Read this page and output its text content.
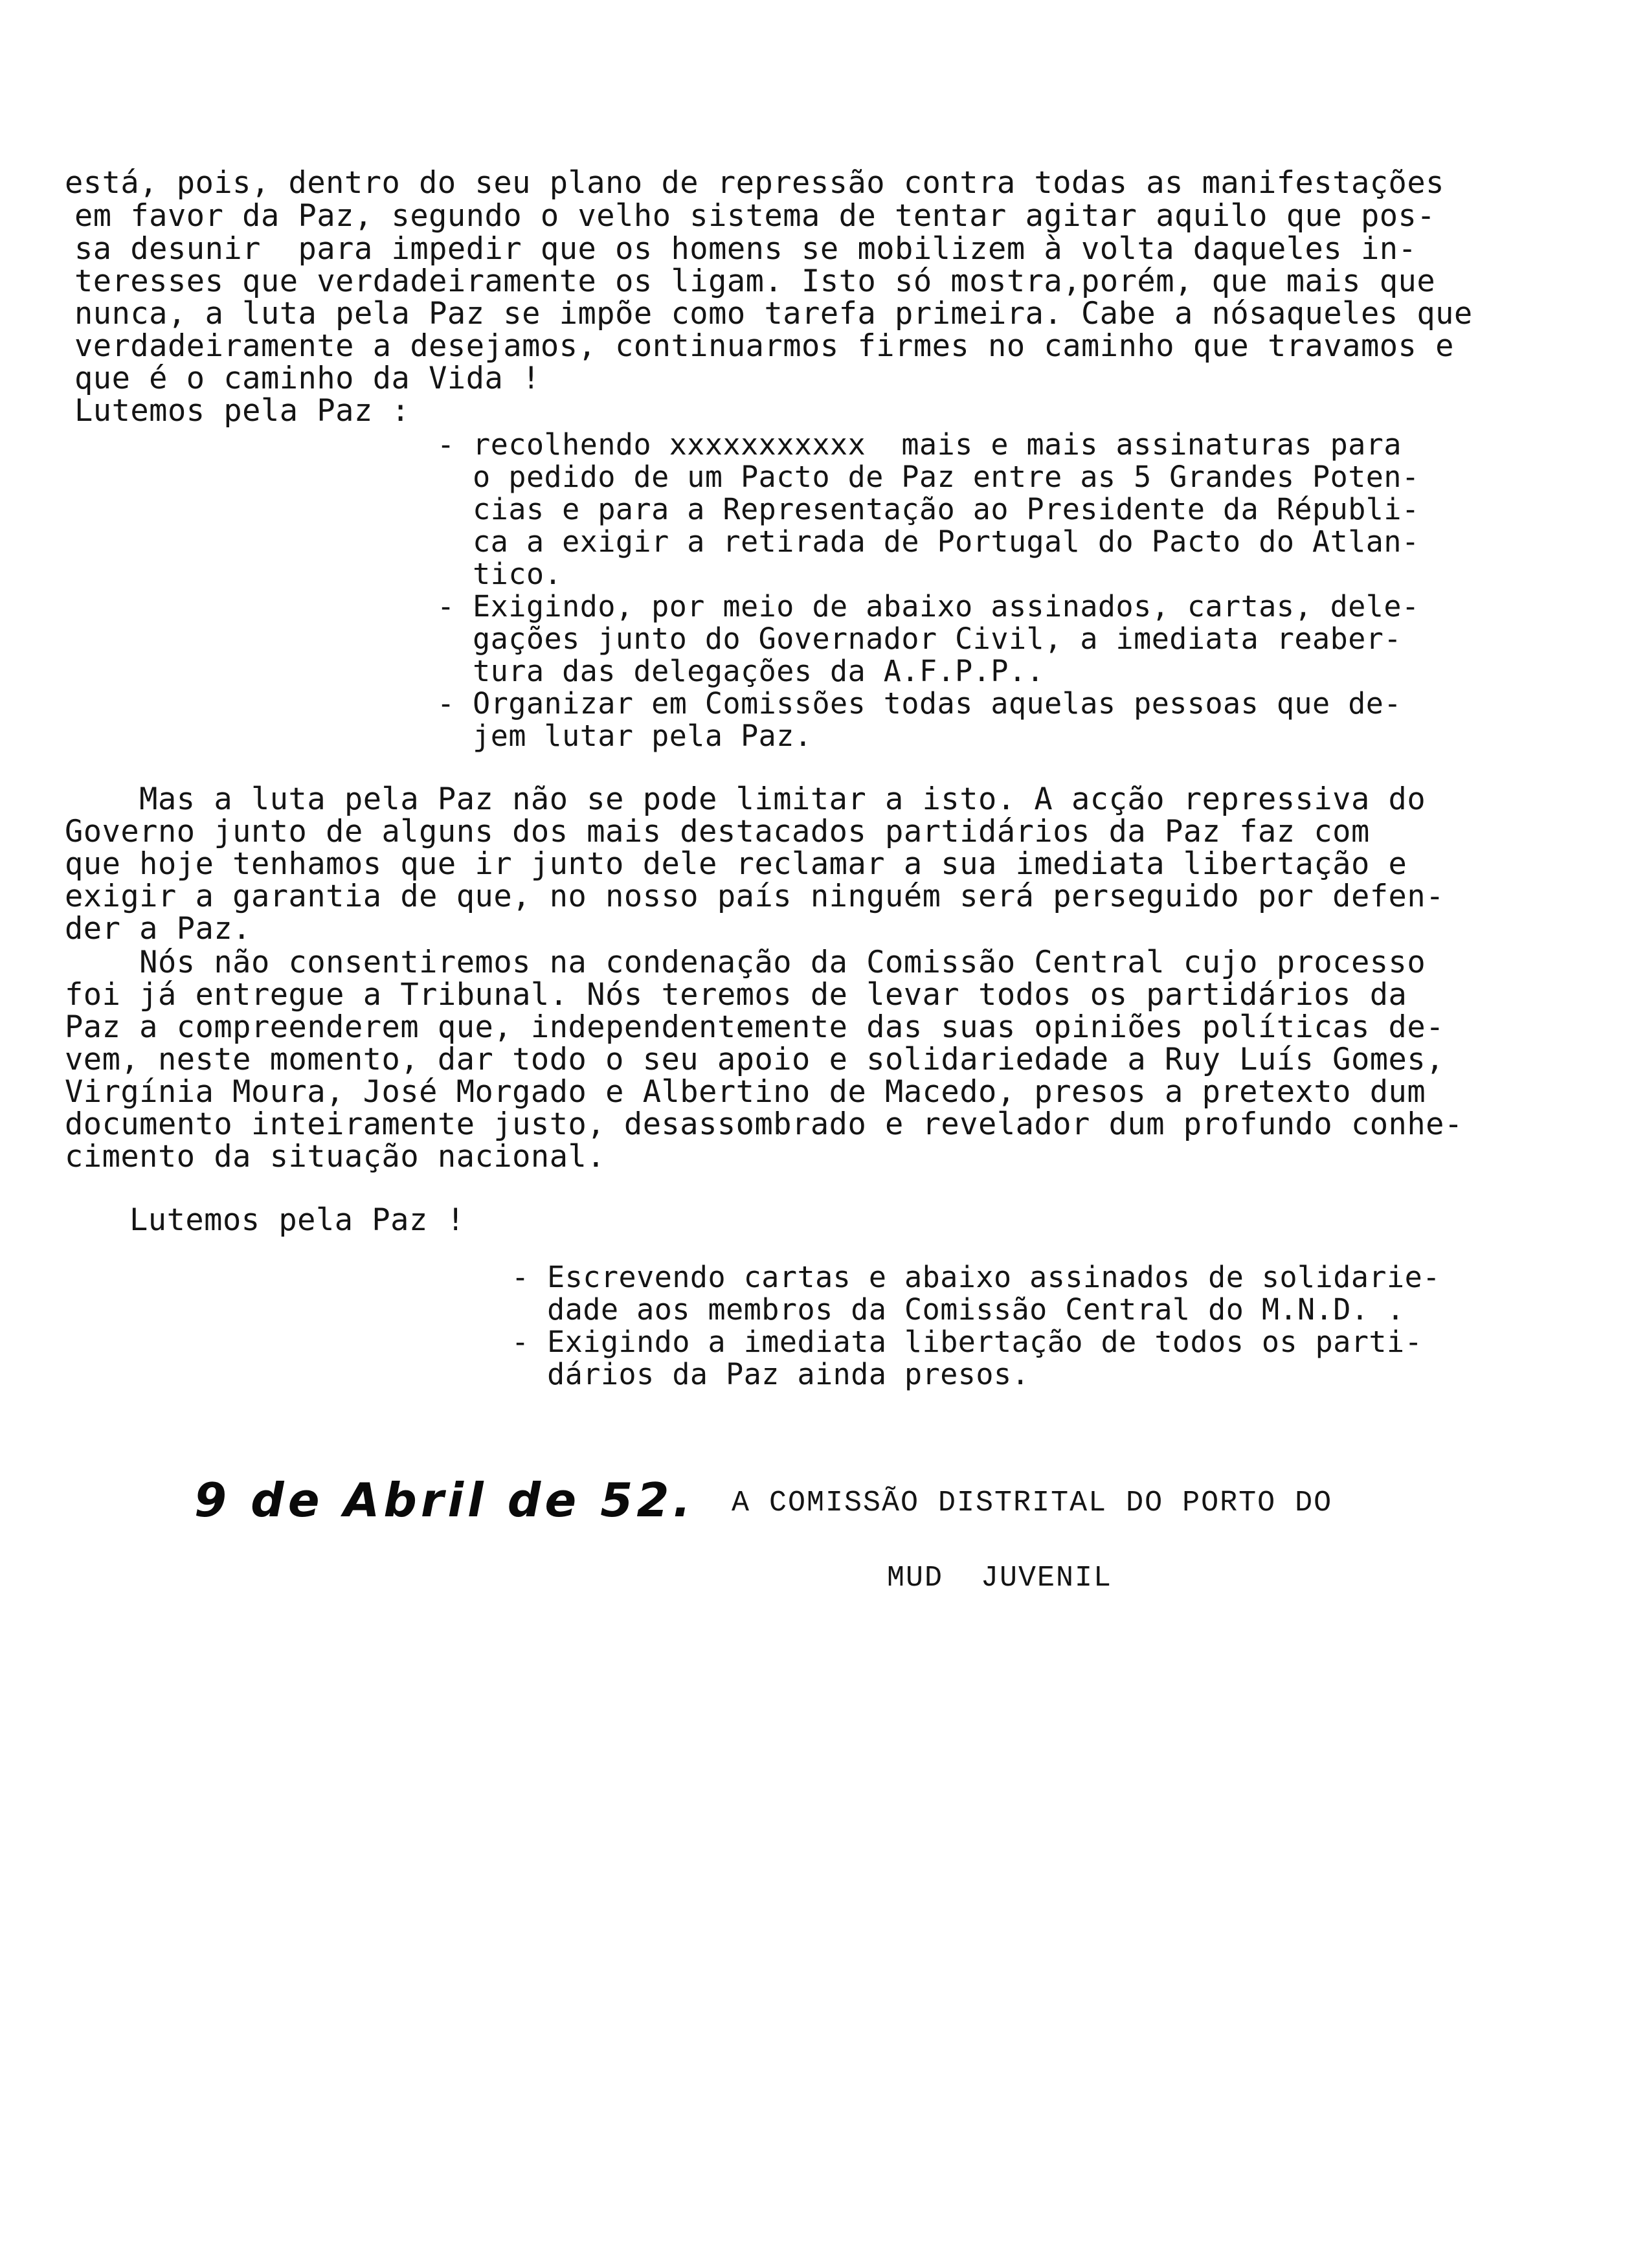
está, pois, dentro do seu plano de repressão contra todas as manifestações
em favor da Paz, segundo o velho sistema de tentar agitar aquilo que pos-
sa desunir  para impedir que os homens se mobilizem à volta daqueles in-
teresses que verdadeiramente os ligam. Isto só mostra,porém, que mais que
nunca, a luta pela Paz se impõe como tarefa primeira. Cabe a nósaqueles que
verdadeiramente a desejamos, continuarmos firmes no caminho que travamos e
que é o caminho da Vida !
Lutemos pela Paz :
- recolhendo xxxxxxxxxxx  mais e mais assinaturas para
o pedido de um Pacto de Paz entre as 5 Grandes Poten-
cias e para a Representação ao Presidente da Républi-
ca a exigir a retirada de Portugal do Pacto do Atlan-
tico.
- Exigindo, por meio de abaixo assinados, cartas, dele-
gações junto do Governador Civil, a imediata reaber-
tura das delegações da A.F.P.P..
- Organizar em Comissões todas aquelas pessoas que de-
jem lutar pela Paz.
Mas a luta pela Paz não se pode limitar a isto. A acção repressiva do
Governo junto de alguns dos mais destacados partidários da Paz faz com
que hoje tenhamos que ir junto dele reclamar a sua imediata libertação e
exigir a garantia de que, no nosso país ninguém será perseguido por defen-
der a Paz.
Nós não consentiremos na condenação da Comissão Central cujo processo
foi já entregue a Tribunal. Nós teremos de levar todos os partidários da
Paz a compreenderem que, independentemente das suas opiniões políticas de-
vem, neste momento, dar todo o seu apoio e solidariedade a Ruy Luís Gomes,
Virgínia Moura, José Morgado e Albertino de Macedo, presos a pretexto dum
documento inteiramente justo, desassombrado e revelador dum profundo conhe-
cimento da situação nacional.
Lutemos pela Paz !
- Escrevendo cartas e abaixo assinados de solidarie-
dade aos membros da Comissão Central do M.N.D. .
- Exigindo a imediata libertação de todos os parti-
dários da Paz ainda presos.
9 de Abril de 52. A COMISSÃO DISTRITAL DO PORTO DO
MUD  JUVENIL
